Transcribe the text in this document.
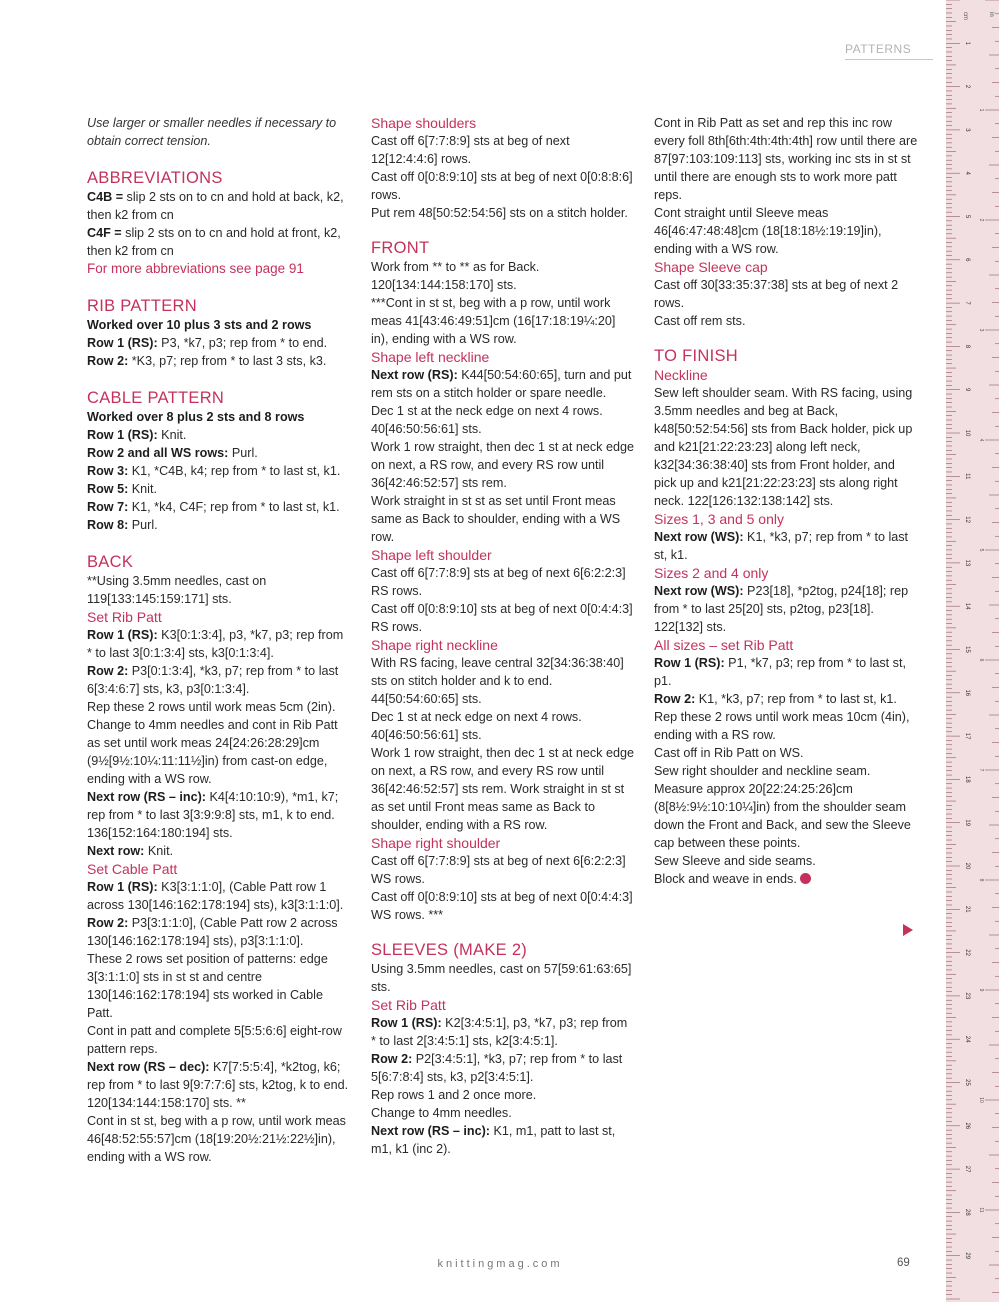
PATTERNS

Use larger or smaller needles if necessary to obtain correct tension.

ABBREVIATIONS

C4B = slip 2 sts on to cn and hold at back, k2, then k2 from cn

C4F = slip 2 sts on to cn and hold at front, k2, then k2 from cn

For more abbreviations see page 91

RIB PATTERN

Worked over 10 plus 3 sts and 2 rows

Row 1 (RS): P3, *k7, p3; rep from * to end.

Row 2: *K3, p7; rep from * to last 3 sts, k3.

CABLE PATTERN

Worked over 8 plus 2 sts and 8 rows

Row 1 (RS): Knit.

Row 2 and all WS rows: Purl.

Row 3: K1, *C4B, k4; rep from * to last st, k1.

Row 5: Knit.

Row 7: K1, *k4, C4F; rep from * to last st, k1.

Row 8: Purl.

BACK

**Using 3.5mm needles, cast on 119[133:145:159:171] sts.

Set Rib Patt

Row 1 (RS): K3[0:1:3:4], p3, *k7, p3; rep from * to last 3[0:1:3:4] sts, k3[0:1:3:4].

Row 2: P3[0:1:3:4], *k3, p7; rep from * to last 6[3:4:6:7] sts, k3, p3[0:1:3:4].

Rep these 2 rows until work meas 5cm (2in).

Change to 4mm needles and cont in Rib Patt as set until work meas 24[24:26:28:29]cm (9½[9½:10¼:11:11½]in) from cast-on edge, ending with a WS row.

Next row (RS – inc): K4[4:10:10:9), *m1, k7; rep from * to last 3[3:9:9:8] sts, m1, k to end. 136[152:164:180:194] sts.

Next row: Knit.

Set Cable Patt

Row 1 (RS): K3[3:1:1:0], (Cable Patt row 1 across 130[146:162:178:194] sts), k3[3:1:1:0].

Row 2: P3[3:1:1:0], (Cable Patt row 2 across 130[146:162:178:194] sts), p3[3:1:1:0].

These 2 rows set position of patterns: edge 3[3:1:1:0] sts in st st and centre 130[146:162:178:194] sts worked in Cable Patt.

Cont in patt and complete 5[5:5:6:6] eight-row pattern reps.

Next row (RS – dec): K7[7:5:5:4], *k2tog, k6; rep from * to last 9[9:7:7:6] sts, k2tog, k to end. 120[134:144:158:170] sts. **

Cont in st st, beg with a p row, until work meas 46[48:52:55:57]cm (18[19:20½:21½:22½]in), ending with a WS row.

Shape shoulders

Cast off 6[7:7:8:9] sts at beg of next 12[12:4:4:6] rows.

Cast off 0[0:8:9:10] sts at beg of next 0[0:8:8:6] rows.

Put rem 48[50:52:54:56] sts on a stitch holder.

FRONT

Work from ** to ** as for Back. 120[134:144:158:170] sts.

***Cont in st st, beg with a p row, until work meas 41[43:46:49:51]cm (16[17:18:19¼:20] in), ending with a WS row.

Shape left neckline

Next row (RS): K44[50:54:60:65], turn and put rem sts on a stitch holder or spare needle.

Dec 1 st at the neck edge on next 4 rows. 40[46:50:56:61] sts.

Work 1 row straight, then dec 1 st at neck edge on next, a RS row, and every RS row until 36[42:46:52:57] sts rem.

Work straight in st st as set until Front meas same as Back to shoulder, ending with a WS row.

Shape left shoulder

Cast off 6[7:7:8:9] sts at beg of next 6[6:2:2:3] RS rows.

Cast off 0[0:8:9:10] sts at beg of next 0[0:4:4:3] RS rows.

Shape right neckline

With RS facing, leave central 32[34:36:38:40] sts on stitch holder and k to end. 44[50:54:60:65] sts.

Dec 1 st at neck edge on next 4 rows. 40[46:50:56:61] sts.

Work 1 row straight, then dec 1 st at neck edge on next, a RS row, and every RS row until 36[42:46:52:57] sts rem. Work straight in st st as set until Front meas same as Back to shoulder, ending with a RS row.

Shape right shoulder

Cast off 6[7:7:8:9] sts at beg of next 6[6:2:2:3] WS rows.

Cast off 0[0:8:9:10] sts at beg of next 0[0:4:4:3] WS rows. ***

SLEEVES (MAKE 2)

Using 3.5mm needles, cast on 57[59:61:63:65] sts.

Set Rib Patt

Row 1 (RS): K2[3:4:5:1], p3, *k7, p3; rep from * to last 2[3:4:5:1] sts, k2[3:4:5:1].

Row 2: P2[3:4:5:1], *k3, p7; rep from * to last 5[6:7:8:4] sts, k3, p2[3:4:5:1].

Rep rows 1 and 2 once more.

Change to 4mm needles.

Next row (RS – inc): K1, m1, patt to last st, m1, k1 (inc 2).

Cont in Rib Patt as set and rep this inc row every foll 8th[6th:4th:4th:4th] row until there are 87[97:103:109:113] sts, working inc sts in st st until there are enough sts to work more patt reps.

Cont straight until Sleeve meas 46[46:47:48:48]cm (18[18:18½:19:19]in), ending with a WS row.

Shape Sleeve cap

Cast off 30[33:35:37:38] sts at beg of next 2 rows.

Cast off rem sts.

TO FINISH
Neckline

Sew left shoulder seam. With RS facing, using 3.5mm needles and beg at Back, k48[50:52:54:56] sts from Back holder, pick up and k21[21:22:23:23] along left neck, k32[34:36:38:40] sts from Front holder, and pick up and k21[21:22:23:23] sts along right neck. 122[126:132:138:142] sts.

Sizes 1, 3 and 5 only

Next row (WS): K1, *k3, p7; rep from * to last st, k1.

Sizes 2 and 4 only

Next row (WS): P23[18], *p2tog, p24[18]; rep from * to last 25[20] sts, p2tog, p23[18]. 122[132] sts.

All sizes – set Rib Patt

Row 1 (RS): P1, *k7, p3; rep from * to last st, p1.

Row 2: K1, *k3, p7; rep from * to last st, k1.

Rep these 2 rows until work meas 10cm (4in), ending with a RS row.

Cast off in Rib Patt on WS.

Sew right shoulder and neckline seam. Measure approx 20[22:24:25:26]cm (8[8½:9½:10:10¼]in) from the shoulder seam down the Front and Back, and sew the Sleeve cap between these points.

Sew Sleeve and side seams.

Block and weave in ends.

knittingmag.com	69
cm	in
1
2
3
4
5
6
7
8
9
10
11
12
13
14
15
16
17
18
19
20
21
22
23
24
25
26
27
28
29
1
2
3
4
5
6
7
8
9
10
11
